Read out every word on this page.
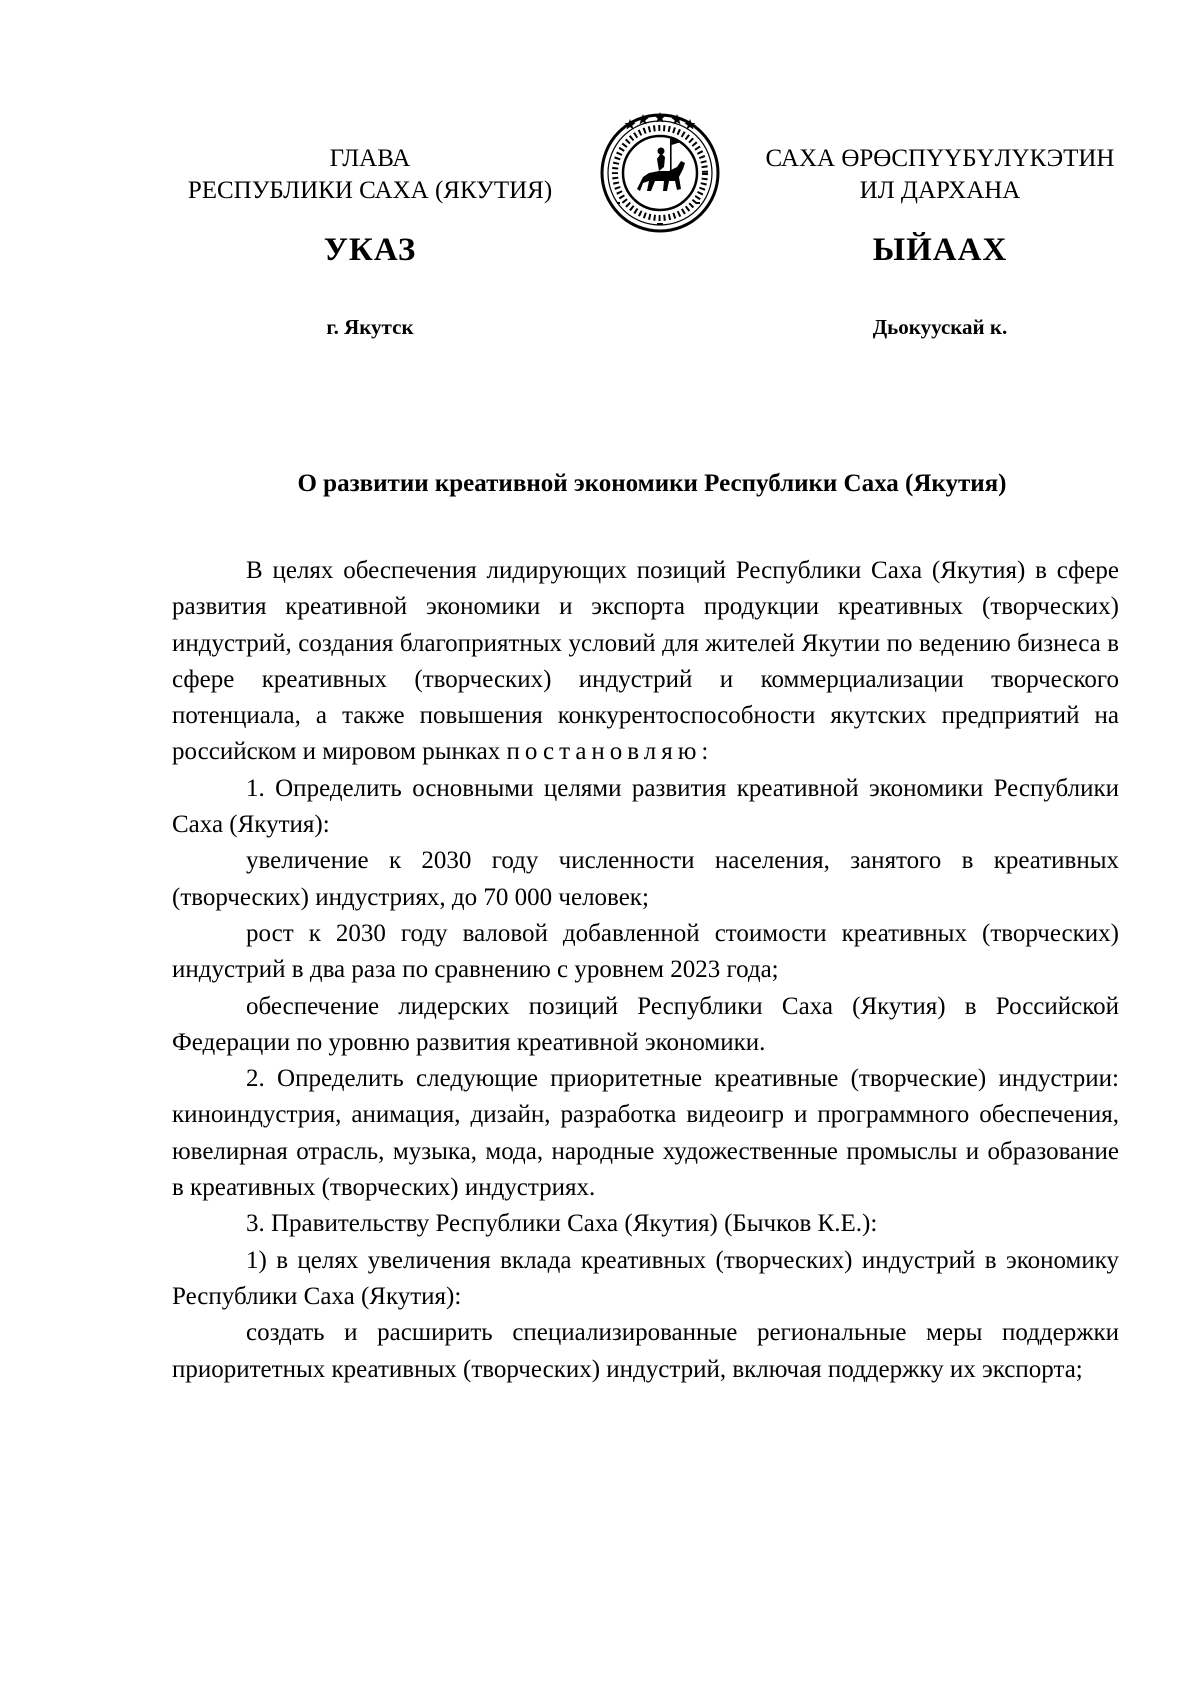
ГЛАВА
РЕСПУБЛИКИ САХА (ЯКУТИЯ)
САХА ӨРӨСПҮҮБҮЛҮКЭТИН
ИЛ ДАРХАНА
УКАЗ	ЫЙААХ
г. Якутск	Дьокуускай к.
О развитии креативной экономики Республики Саха (Якутия)

В целях обеспечения лидирующих позиций Республики Саха (Якутия) в сфере развития креативной экономики и экспорта продукции креативных (творческих) индустрий, создания благоприятных условий для жителей Якутии по ведению бизнеса в сфере креативных (творческих) индустрий и коммерциализации творческого потенциала, а также повышения конкурентоспособности якутских предприятий на российском и мировом рынках постановляю:

1. Определить основными целями развития креативной экономики Республики Саха (Якутия):

увеличение к 2030 году численности населения, занятого в креативных (творческих) индустриях, до 70 000 человек;

рост к 2030 году валовой добавленной стоимости креативных (творческих) индустрий в два раза по сравнению с уровнем 2023 года;

обеспечение лидерских позиций Республики Саха (Якутия) в Российской Федерации по уровню развития креативной экономики.

2. Определить следующие приоритетные креативные (творческие) индустрии: киноиндустрия, анимация, дизайн, разработка видеоигр и программного обеспечения, ювелирная отрасль, музыка, мода, народные художественные промыслы и образование в креативных (творческих) индустриях.

3. Правительству Республики Саха (Якутия) (Бычков К.Е.):

1) в целях увеличения вклада креативных (творческих) индустрий в экономику Республики Саха (Якутия):

создать и расширить специализированные региональные меры поддержки приоритетных креативных (творческих) индустрий, включая поддержку их экспорта;
